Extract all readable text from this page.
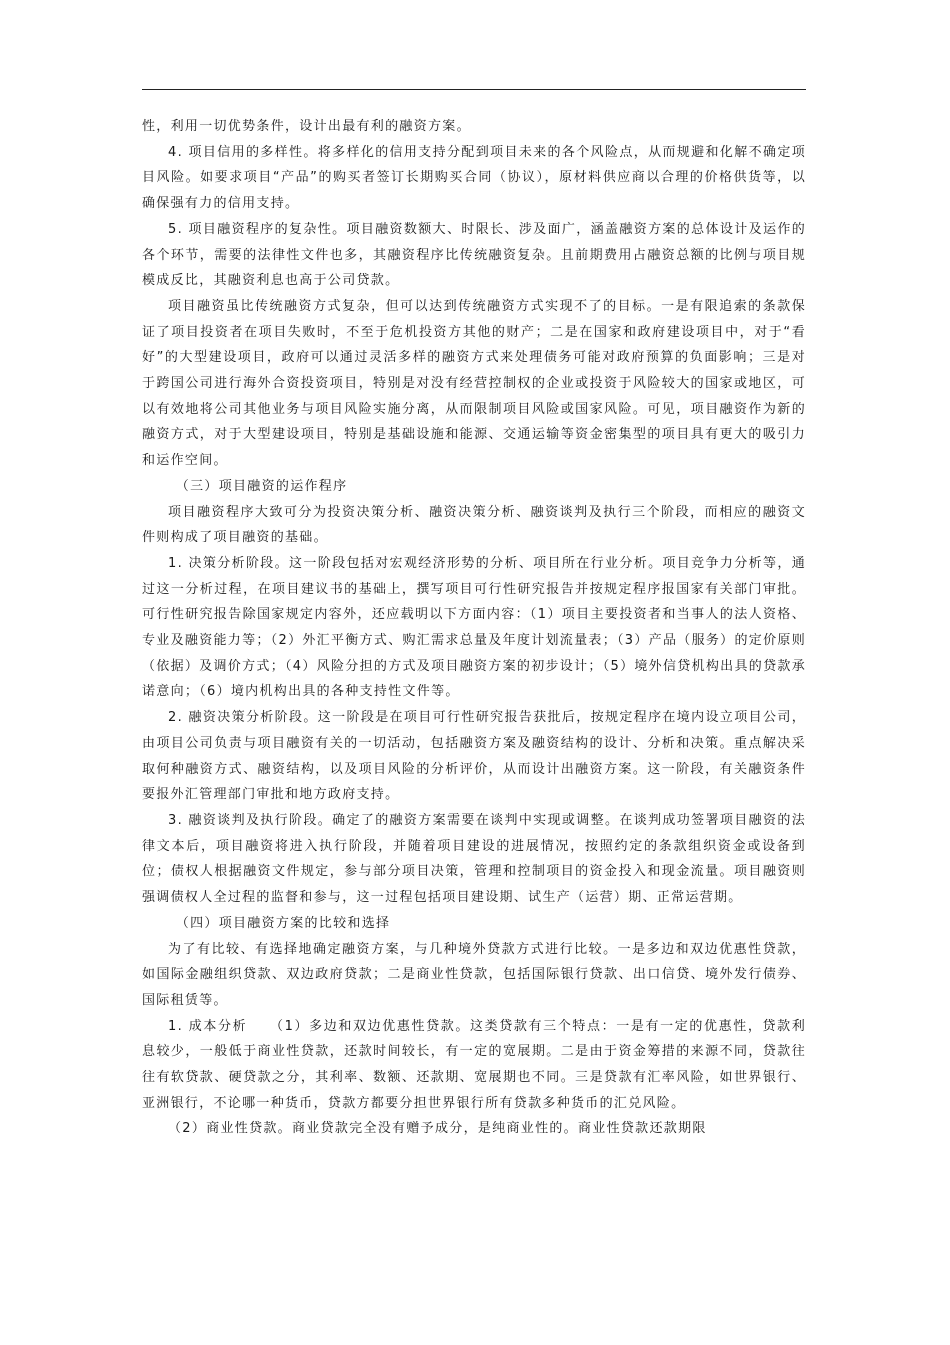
性，利用一切优势条件，设计出最有利的融资方案。

4. 项目信用的多样性。将多样化的信用支持分配到项目未来的各个风险点，从而规避和化解不确定项目风险。如要求项目“产品”的购买者签订长期购买合同（协议），原材料供应商以合理的价格供货等，以确保强有力的信用支持。

5. 项目融资程序的复杂性。项目融资数额大、时限长、涉及面广，涵盖融资方案的总体设计及运作的各个环节，需要的法律性文件也多，其融资程序比传统融资复杂。且前期费用占融资总额的比例与项目规模成反比，其融资利息也高于公司贷款。

项目融资虽比传统融资方式复杂，但可以达到传统融资方式实现不了的目标。一是有限追索的条款保证了项目投资者在项目失败时，不至于危机投资方其他的财产；二是在国家和政府建设项目中，对于“看好”的大型建设项目，政府可以通过灵活多样的融资方式来处理债务可能对政府预算的负面影响；三是对于跨国公司进行海外合资投资项目，特别是对没有经营控制权的企业或投资于风险较大的国家或地区，可以有效地将公司其他业务与项目风险实施分离，从而限制项目风险或国家风险。可见，项目融资作为新的融资方式，对于大型建设项目，特别是基础设施和能源、交通运输等资金密集型的项目具有更大的吸引力和运作空间。

（三）项目融资的运作程序

项目融资程序大致可分为投资决策分析、融资决策分析、融资谈判及执行三个阶段，而相应的融资文件则构成了项目融资的基础。

1. 决策分析阶段。这一阶段包括对宏观经济形势的分析、项目所在行业分析。项目竞争力分析等，通过这一分析过程，在项目建议书的基础上，撰写项目可行性研究报告并按规定程序报国家有关部门审批。可行性研究报告除国家规定内容外，还应载明以下方面内容：（1）项目主要投资者和当事人的法人资格、专业及融资能力等；（2）外汇平衡方式、购汇需求总量及年度计划流量表；（3）产品（服务）的定价原则（依据）及调价方式；（4）风险分担的方式及项目融资方案的初步设计；（5）境外信贷机构出具的贷款承诺意向；（6）境内机构出具的各种支持性文件等。

2. 融资决策分析阶段。这一阶段是在项目可行性研究报告获批后，按规定程序在境内设立项目公司，由项目公司负责与项目融资有关的一切活动，包括融资方案及融资结构的设计、分析和决策。重点解决采取何种融资方式、融资结构，以及项目风险的分析评价，从而设计出融资方案。这一阶段，有关融资条件要报外汇管理部门审批和地方政府支持。

3. 融资谈判及执行阶段。确定了的融资方案需要在谈判中实现或调整。在谈判成功签署项目融资的法律文本后，项目融资将进入执行阶段，并随着项目建设的进展情况，按照约定的条款组织资金或设备到位；债权人根据融资文件规定，参与部分项目决策，管理和控制项目的资金投入和现金流量。项目融资则强调债权人全过程的监督和参与，这一过程包括项目建设期、试生产（运营）期、正常运营期。

（四）项目融资方案的比较和选择

为了有比较、有选择地确定融资方案，与几种境外贷款方式进行比较。一是多边和双边优惠性贷款，如国际金融组织贷款、双边政府贷款；二是商业性贷款，包括国际银行贷款、出口信贷、境外发行债券、国际租赁等。

1. 成本分析　　（1）多边和双边优惠性贷款。这类贷款有三个特点：一是有一定的优惠性，贷款利息较少，一般低于商业性贷款，还款时间较长，有一定的宽展期。二是由于资金筹措的来源不同，贷款往往有软贷款、硬贷款之分，其利率、数额、还款期、宽展期也不同。三是贷款有汇率风险，如世界银行、亚洲银行，不论哪一种货币，贷款方都要分担世界银行所有贷款多种货币的汇兑风险。

（2）商业性贷款。商业贷款完全没有赠予成分，是纯商业性的。商业性贷款还款期限
